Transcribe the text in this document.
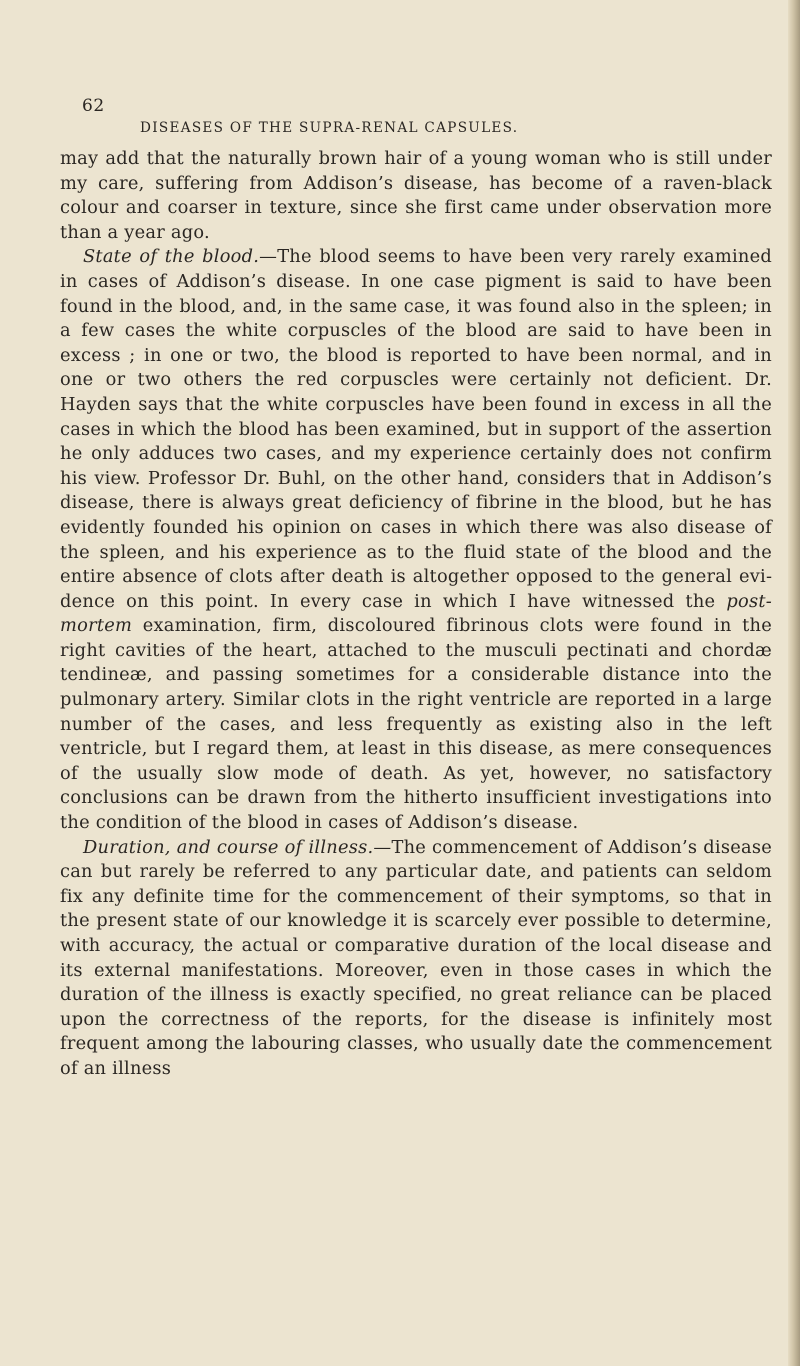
62
DISEASES OF THE SUPRA-RENAL CAPSULES.

may add that the naturally brown hair of a young woman who is still under my care, suffering from Addison’s disease, has become of a raven-black colour and coarser in texture, since she first came under observation more than a year ago.

State of the blood.—The blood seems to have been very rarely examined in cases of Addison’s disease. In one case pigment is said to have been found in the blood, and, in the same case, it was found also in the spleen; in a few cases the white corpuscles of the blood are said to have been in excess ; in one or two, the blood is reported to have been normal, and in one or two others the red corpuscles were certainly not deficient. Dr. Hayden says that the white corpuscles have been found in excess in all the cases in which the blood has been examined, but in support of the assertion he only adduces two cases, and my experience certainly does not confirm his view. Professor Dr. Buhl, on the other hand, considers that in Addison’s disease, there is always great deficiency of fibrine in the blood, but he has evidently founded his opinion on cases in which there was also disease of the spleen, and his experience as to the fluid state of the blood and the entire absence of clots after death is altogether opposed to the general evidence on this point. In every case in which I have witnessed the post-mortem examination, firm, discoloured fibrinous clots were found in the right cavities of the heart, attached to the musculi pectinati and chordæ tendineæ, and passing sometimes for a considerable distance into the pulmonary artery. Similar clots in the right ventricle are reported in a large number of the cases, and less frequently as existing also in the left ventricle, but I regard them, at least in this disease, as mere consequences of the usually slow mode of death. As yet, however, no satisfactory conclusions can be drawn from the hitherto insufficient investigations into the condition of the blood in cases of Addison’s disease.

Duration, and course of illness.—The commencement of Addison’s disease can but rarely be referred to any particular date, and patients can seldom fix any definite time for the commencement of their symptoms, so that in the present state of our knowledge it is scarcely ever possible to determine, with accuracy, the actual or comparative duration of the local disease and its external manifestations. Moreover, even in those cases in which the duration of the illness is exactly specified, no great reliance can be placed upon the correctness of the reports, for the disease is infinitely most frequent among the labouring classes, who usually date the commencement of an illness
